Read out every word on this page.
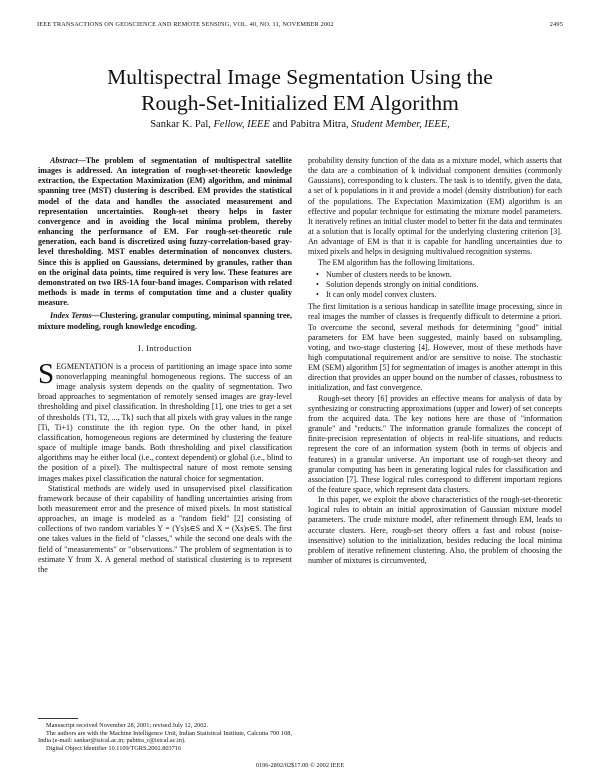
IEEE TRANSACTIONS ON GEOSCIENCE AND REMOTE SENSING, VOL. 40, NO. 11, NOVEMBER 2002	2495
Multispectral Image Segmentation Using the
Rough-Set-Initialized EM Algorithm
Sankar K. Pal, Fellow, IEEE and Pabitra Mitra, Student Member, IEEE,

Abstract—The problem of segmentation of multispectral satellite images is addressed. An integration of rough-set-theoretic knowledge extraction, the Expectation Maximization (EM) algorithm, and minimal spanning tree (MST) clustering is described. EM provides the statistical model of the data and handles the associated measurement and representation uncertainties. Rough-set theory helps in faster convergence and in avoiding the local minima problem, thereby enhancing the performance of EM. For rough-set-theoretic rule generation, each band is discretized using fuzzy-correlation-based gray-level thresholding. MST enables determination of nonconvex clusters. Since this is applied on Gaussians, determined by granules, rather than on the original data points, time required is very low. These features are demonstrated on two IRS-1A four-band images. Comparison with related methods is made in terms of computation time and a cluster quality measure.

Index Terms—Clustering, granular computing, minimal spanning tree, mixture modeling, rough knowledge encoding.

I. Introduction

SEGMENTATION is a process of partitioning an image space into some nonoverlapping meaningful homogeneous regions. The success of an image analysis system depends on the quality of segmentation. Two broad approaches to segmentation of remotely sensed images are gray-level thresholding and pixel classification. In thresholding [1], one tries to get a set of thresholds {T1, T2, ..., Tk} such that all pixels with gray values in the range [Ti, Ti+1) constitute the ith region type. On the other hand, in pixel classification, homogeneous regions are determined by clustering the feature space of multiple image bands. Both thresholding and pixel classification algorithms may be either local (i.e., context dependent) or global (i.e., blind to the position of a pixel). The multispectral nature of most remote sensing images makes pixel classification the natural choice for segmentation.

Statistical methods are widely used in unsupervised pixel classification framework because of their capability of handling uncertainties arising from both measurement error and the presence of mixed pixels. In most statistical approaches, an image is modeled as a "random field" [2] consisting of collections of two random variables Y = (Ys)s∈S and X = (Xs)s∈S. The first one takes values in the field of "classes," while the second one deals with the field of "measurements" or "observations." The problem of segmentation is to estimate Y from X. A general method of statistical clustering is to represent the

Manuscript received November 28, 2001; revised July 12, 2002.

The authors are with the Machine Intelligence Unit, Indian Statistical Institute, Calcutta 700 108, India (e-mail: sankar@isical.ac.in; pabitra_r@isical.ac.in).

Digital Object Identifier 10.1109/TGRS.2002.803716

probability density function of the data as a mixture model, which asserts that the data are a combination of k individual component densities (commonly Gaussians), corresponding to k clusters. The task is to identify, given the data, a set of k populations in it and provide a model (density distribution) for each of the populations. The Expectation Maximization (EM) algorithm is an effective and popular technique for estimating the mixture model parameters. It iteratively refines an initial cluster model to better fit the data and terminates at a solution that is locally optimal for the underlying clustering criterion [3]. An advantage of EM is that it is capable for handling uncertainties due to mixed pixels and helps in designing multivalued recognition systems.

The EM algorithm has the following limitations.

• Number of clusters needs to be known.
• Solution depends strongly on initial conditions.
• It can only model convex clusters.

The first limitation is a serious handicap in satellite image processing, since in real images the number of classes is frequently difficult to determine a priori. To overcome the second, several methods for determining "good" initial parameters for EM have been suggested, mainly based on subsampling, voting, and two-stage clustering [4]. However, most of these methods have high computational requirement and/or are sensitive to noise. The stochastic EM (SEM) algorithm [5] for segmentation of images is another attempt in this direction that provides an upper bound on the number of classes, robustness to initialization, and fast convergence.

Rough-set theory [6] provides an effective means for analysis of data by synthesizing or constructing approximations (upper and lower) of set concepts from the acquired data. The key notions here are those of "information granule" and "reducts." The information granule formalizes the concept of finite-precision representation of objects in real-life situations, and reducts represent the core of an information system (both in terms of objects and features) in a granular universe. An important use of rough-set theory and granular computing has been in generating logical rules for classification and association [7]. These logical rules correspond to different important regions of the feature space, which represent data clusters.

In this paper, we exploit the above characteristics of the rough-set-theoretic logical rules to obtain an initial approximation of Gaussian mixture model parameters. The crude mixture model, after refinement through EM, leads to accurate clusters. Here, rough-set theory offers a fast and robust (noise-insensitive) solution to the initialization, besides reducing the local minima problem of iterative refinement clustering. Also, the problem of choosing the number of mixtures is circumvented,

0196-2892/02$17.00 © 2002 IEEE
